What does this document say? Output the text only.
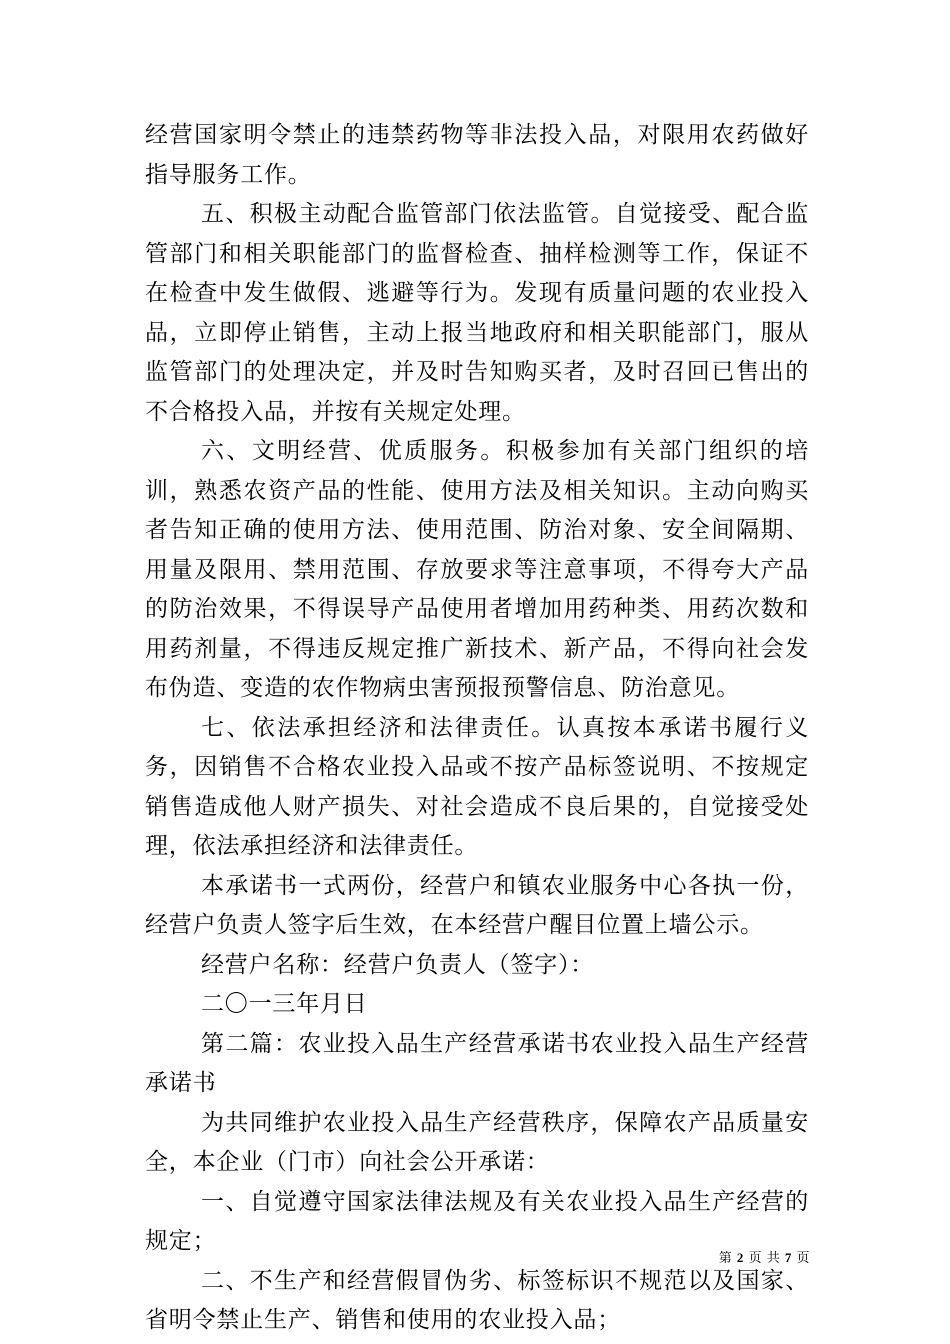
经营国家明令禁止的违禁药物等非法投入品，对限用农药做好指导服务工作。

五、积极主动配合监管部门依法监管。自觉接受、配合监管部门和相关职能部门的监督检查、抽样检测等工作，保证不在检查中发生做假、逃避等行为。发现有质量问题的农业投入品，立即停止销售，主动上报当地政府和相关职能部门，服从监管部门的处理决定，并及时告知购买者，及时召回已售出的不合格投入品，并按有关规定处理。

六、文明经营、优质服务。积极参加有关部门组织的培训，熟悉农资产品的性能、使用方法及相关知识。主动向购买者告知正确的使用方法、使用范围、防治对象、安全间隔期、用量及限用、禁用范围、存放要求等注意事项，不得夸大产品的防治效果，不得误导产品使用者增加用药种类、用药次数和用药剂量，不得违反规定推广新技术、新产品，不得向社会发布伪造、变造的农作物病虫害预报预警信息、防治意见。

七、依法承担经济和法律责任。认真按本承诺书履行义务，因销售不合格农业投入品或不按产品标签说明、不按规定销售造成他人财产损失、对社会造成不良后果的，自觉接受处理，依法承担经济和法律责任。

本承诺书一式两份，经营户和镇农业服务中心各执一份，经营户负责人签字后生效，在本经营户醒目位置上墙公示。

经营户名称：经营户负责人（签字）：

二〇一三年月日

第二篇：农业投入品生产经营承诺书农业投入品生产经营承诺书

为共同维护农业投入品生产经营秩序，保障农产品质量安全，本企业（门市）向社会公开承诺：

一、自觉遵守国家法律法规及有关农业投入品生产经营的规定；

二、不生产和经营假冒伪劣、标签标识不规范以及国家、省明令禁止生产、销售和使用的农业投入品；

第 2 页 共 7 页
